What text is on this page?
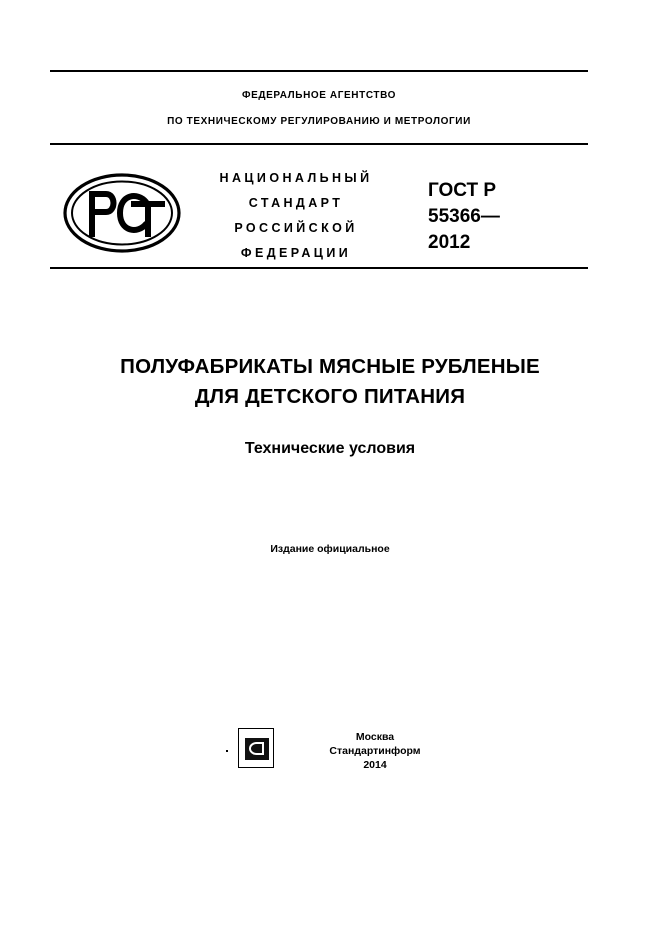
ФЕДЕРАЛЬНОЕ АГЕНТСТВО
ПО ТЕХНИЧЕСКОМУ РЕГУЛИРОВАНИЮ И МЕТРОЛОГИИ
НАЦИОНАЛЬНЫЙ
СТАНДАРТ
РОССИЙСКОЙ
ФЕДЕРАЦИИ
ГОСТ Р
55366—
2012
ПОЛУФАБРИКАТЫ МЯСНЫЕ РУБЛЕНЫЕ
ДЛЯ ДЕТСКОГО ПИТАНИЯ
Технические условия
Издание официальное
Москва
Стандартинформ
2014
